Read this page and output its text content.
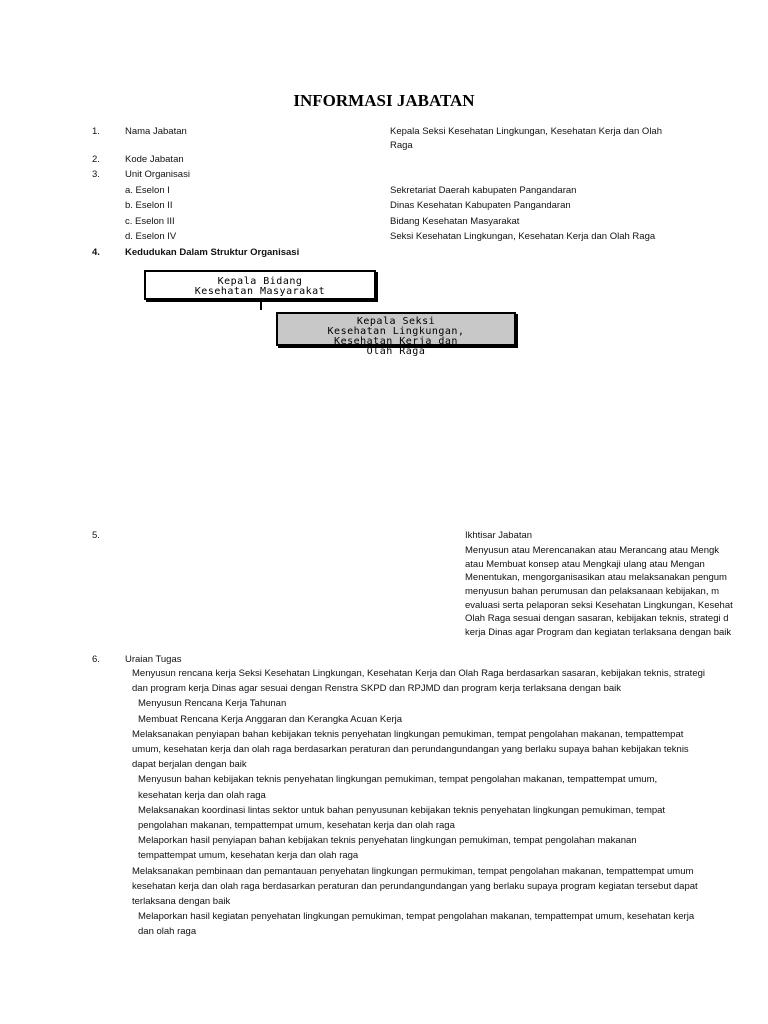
INFORMASI JABATAN
1.	Nama Jabatan	Kepala Seksi Kesehatan Lingkungan, Kesehatan Kerja dan Olah
Raga
2.	Kode Jabatan
3.	Unit Organisasi
a. Eselon I	Sekretariat Daerah kabupaten Pangandaran
b. Eselon II	Dinas Kesehatan Kabupaten Pangandaran
c. Eselon III	Bidang Kesehatan Masyarakat
d. Eselon IV	Seksi Kesehatan Lingkungan, Kesehatan Kerja dan Olah Raga
4.	Kedudukan Dalam Struktur Organisasi
Kepala Bidang
Kesehatan Masyarakat
Kepala Seksi
Kesehatan Lingkungan,
Kesehatan Kerja dan
Olah Raga
5.	Ikhtisar Jabatan
Menyusun atau Merencanakan atau Merancang atau Mengk
atau Membuat konsep atau Mengkaji ulang atau Mengan
Menentukan, mengorganisasikan atau melaksanakan pengum
menyusun bahan perumusan dan pelaksanaan kebijakan, m
evaluasi serta pelaporan seksi Kesehatan Lingkungan, Kesehat
Olah Raga sesuai dengan sasaran, kebijakan teknis, strategi d
kerja Dinas agar Program dan kegiatan terlaksana dengan baik
6.	Uraian Tugas
Menyusun rencana kerja Seksi Kesehatan Lingkungan, Kesehatan Kerja dan Olah Raga berdasarkan sasaran, kebijakan teknis, strategi
dan program kerja Dinas agar sesuai dengan Renstra SKPD dan RPJMD dan program kerja terlaksana dengan baik
Menyusun Rencana Kerja Tahunan
Membuat Rencana Kerja Anggaran dan Kerangka Acuan Kerja
Melaksanakan penyiapan bahan kebijakan teknis penyehatan lingkungan pemukiman, tempat pengolahan makanan, tempattempat
umum, kesehatan kerja dan olah raga berdasarkan peraturan dan perundangundangan yang berlaku supaya bahan kebijakan teknis
dapat berjalan dengan baik
Menyusun bahan kebijakan teknis penyehatan lingkungan pemukiman, tempat pengolahan makanan, tempattempat umum,
kesehatan kerja dan olah raga
Melaksanakan koordinasi lintas sektor untuk bahan penyusunan kebijakan teknis penyehatan lingkungan pemukiman, tempat
pengolahan makanan, tempattempat umum, kesehatan kerja dan olah raga
Melaporkan hasil penyiapan bahan kebijakan teknis penyehatan lingkungan pemukiman, tempat pengolahan makanan
tempattempat umum, kesehatan kerja dan olah raga
Melaksanakan pembinaan dan pemantauan penyehatan lingkungan permukiman, tempat pengolahan makanan, tempattempat umum
kesehatan kerja dan olah raga berdasarkan peraturan dan perundangundangan yang berlaku supaya program kegiatan tersebut dapat
terlaksana dengan baik
Melaporkan hasil kegiatan penyehatan lingkungan pemukiman, tempat pengolahan makanan, tempattempat umum, kesehatan kerja
dan olah raga
